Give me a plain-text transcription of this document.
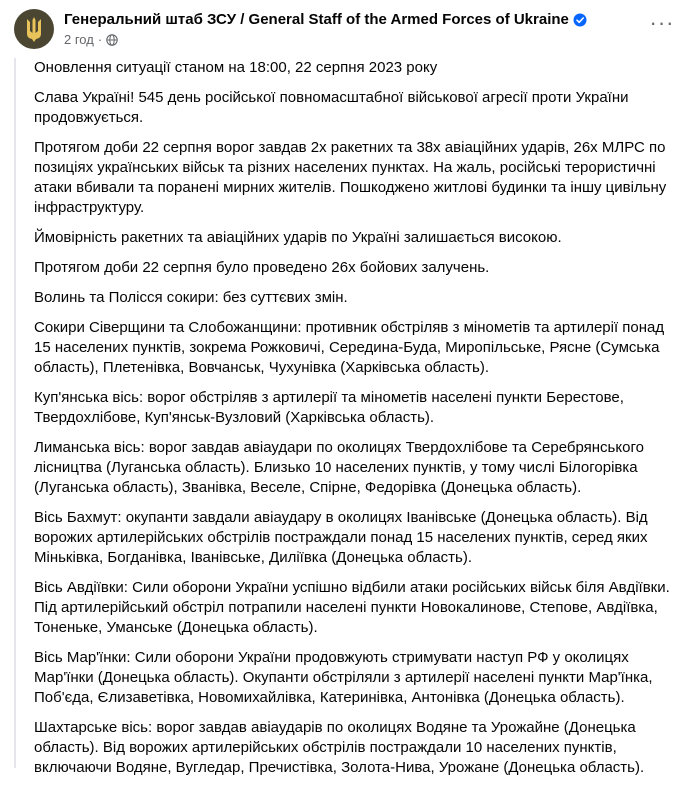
Генеральний штаб ЗСУ / General Staff of the Armed Forces of Ukraine
2 год ·
···

Оновлення ситуації станом на 18:00, 22 серпня 2023 року

Слава Україні! 545 день російської повномасштабної військової агресії проти України продовжується.

Протягом доби 22 серпня ворог завдав 2х ракетних та 38х авіаційних ударів, 26х МЛРС по позиціях українських військ та різних населених пунктах. На жаль, російські терористичні атаки вбивали та поранені мирних жителів. Пошкоджено житлові будинки та іншу цивільну інфраструктуру.

Ймовірність ракетних та авіаційних ударів по Україні залишається високою.

Протягом доби 22 серпня було проведено 26х бойових залучень.

Волинь та Полісся сокири: без суттєвих змін.

Сокири Сіверщини та Слобожанщини: противник обстріляв з мінометів та артилерії понад 15 населених пунктів, зокрема Рожковичі, Середина-Буда, Миропільське, Рясне (Сумська область), Плетенівка, Вовчанськ, Чухунівка (Харківська область).

Куп'янська вісь: ворог обстріляв з артилерії та мінометів населені пункти Берестове, Твердохлібове, Куп'янськ-Вузловий (Харківська область).

Лиманська вісь: ворог завдав авіаудари по околицях Твердохлібове та Серебрянського лісництва (Луганська область). Близько 10 населених пунктів, у тому числі Білогорівка (Луганська область), Званівка, Веселе, Спірне, Федорівка (Донецька область).

Вісь Бахмут: окупанти завдали авіаудару в околицях Іванівське (Донецька область). Від ворожих артилерійських обстрілів постраждали понад 15 населених пунктів, серед яких Міньківка, Богданівка, Іванівське, Диліївка (Донецька область).

Вісь Авдіївки: Сили оборони України успішно відбили атаки російських військ біля Авдіївки. Під артилерійський обстріл потрапили населені пункти Новокалинове, Степове, Авдіївка, Тоненьке, Уманське (Донецька область).

Вісь Мар'їнки: Сили оборони України продовжують стримувати наступ РФ у околицях Мар'їнки (Донецька область). Окупанти обстріляли з артилерії населені пункти Мар'їнка, Поб'єда, Єлизаветівка, Новомихайлівка, Катеринівка, Антонівка (Донецька область).

Шахтарське вісь: ворог завдав авіаударів по околицях Водяне та Урожайне (Донецька область). Від ворожих артилерійських обстрілів постраждали 10 населених пунктів, включаючи Водяне, Вугледар, Пречистівка, Золота-Нива, Урожане (Донецька область).
